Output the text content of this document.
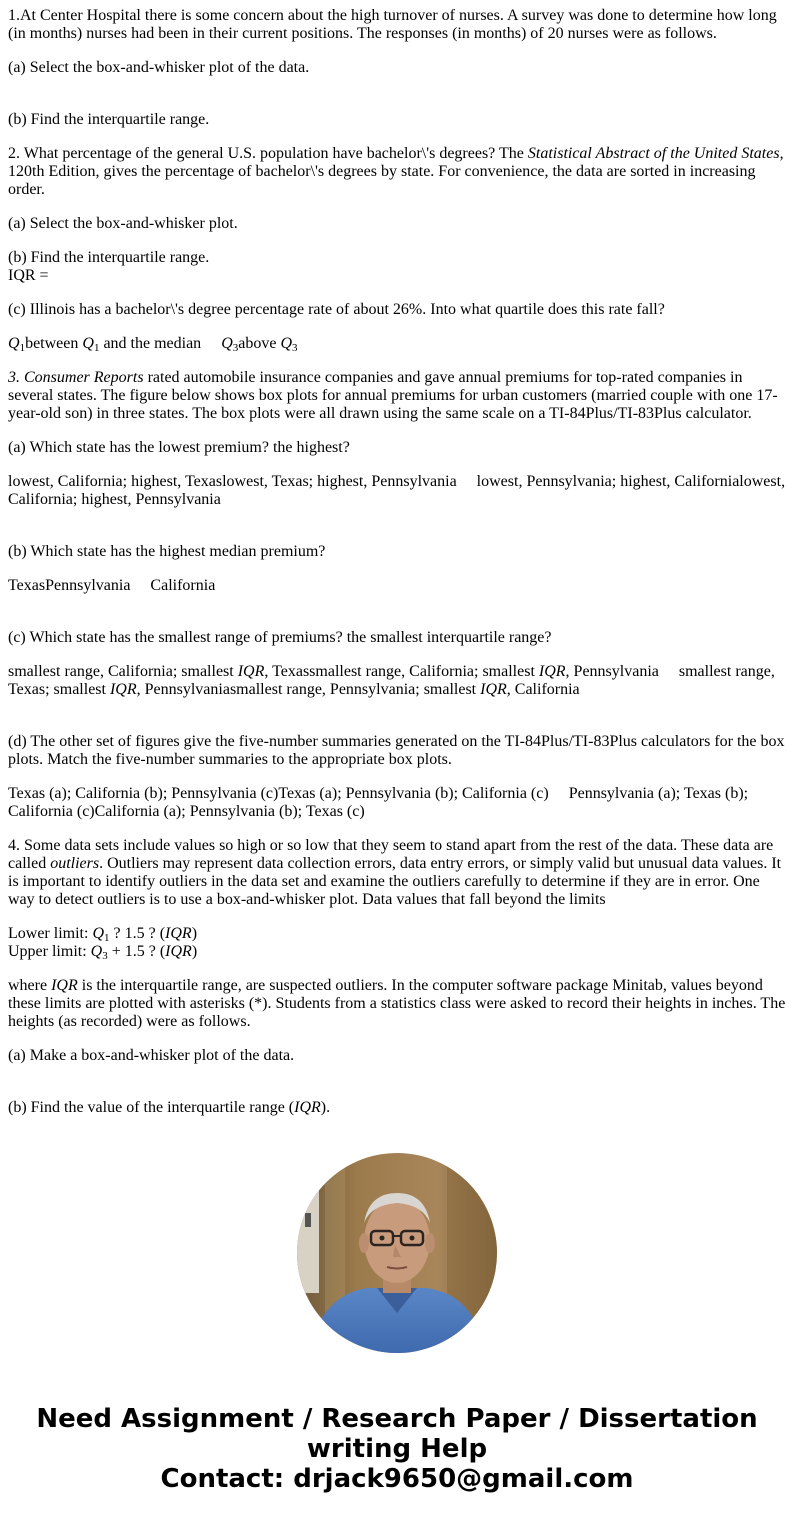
1.At Center Hospital there is some concern about the high turnover of nurses. A survey was done to determine how long (in months) nurses had been in their current positions. The responses (in months) of 20 nurses were as follows.

(a) Select the box-and-whisker plot of the data.

(b) Find the interquartile range.

2. What percentage of the general U.S. population have bachelor\'s degrees? The Statistical Abstract of the United States, 120th Edition, gives the percentage of bachelor\'s degrees by state. For convenience, the data are sorted in increasing order.

(a) Select the box-and-whisker plot.

(b) Find the interquartile range.
IQR =

(c) Illinois has a bachelor\'s degree percentage rate of about 26%. Into what quartile does this rate fall?

$Q_1between$ $Q_1$ and the median $Q_3above$ $Q_3$

3. Consumer Reports rated automobile insurance companies and gave annual premiums for top-rated companies in several states. The figure below shows box plots for annual premiums for urban customers (married couple with one 17-year-old son) in three states. The box plots were all drawn using the same scale on a TI-84Plus/TI-83Plus calculator.

(a) Which state has the lowest premium? the highest?

lowest, California; highest, Texaslowest, Texas; highest, Pennsylvania lowest, Pennsylvania; highest, Californialowest, California; highest, Pennsylvania

(b) Which state has the highest median premium?

TexasPennsylvania California

(c) Which state has the smallest range of premiums? the smallest interquartile range?

smallest range, California; smallest IQR, Texassmallest range, California; smallest IQR, Pennsylvania smallest range, Texas; smallest IQR, Pennsylvaniasmallest range, Pennsylvania; smallest IQR, California

(d) The other set of figures give the five-number summaries generated on the TI-84Plus/TI-83Plus calculators for the box plots. Match the five-number summaries to the appropriate box plots.

Texas (a); California (b); Pennsylvania (c)Texas (a); Pennsylvania (b); California (c) Pennsylvania (a); Texas (b); California (c)California (a); Pennsylvania (b); Texas (c)

4. Some data sets include values so high or so low that they seem to stand apart from the rest of the data. These data are called outliers. Outliers may represent data collection errors, data entry errors, or simply valid but unusual data values. It is important to identify outliers in the data set and examine the outliers carefully to determine if they are in error. One way to detect outliers is to use a box-and-whisker plot. Data values that fall beyond the limits

Lower limit: $Q_1$ ? 1.5 ? (IQR)
Upper limit: $Q_3 + 1.5$ ? (IQR)

where IQR is the interquartile range, are suspected outliers. In the computer software package Minitab, values beyond these limits are plotted with asterisks (*). Students from a statistics class were asked to record their heights in inches. The heights (as recorded) were as follows.

(a) Make a box-and-whisker plot of the data.

(b) Find the value of the interquartile range (IQR).

Need Assignment / Research Paper / Dissertation
writing Help
Contact: drjack9650@gmail.com
